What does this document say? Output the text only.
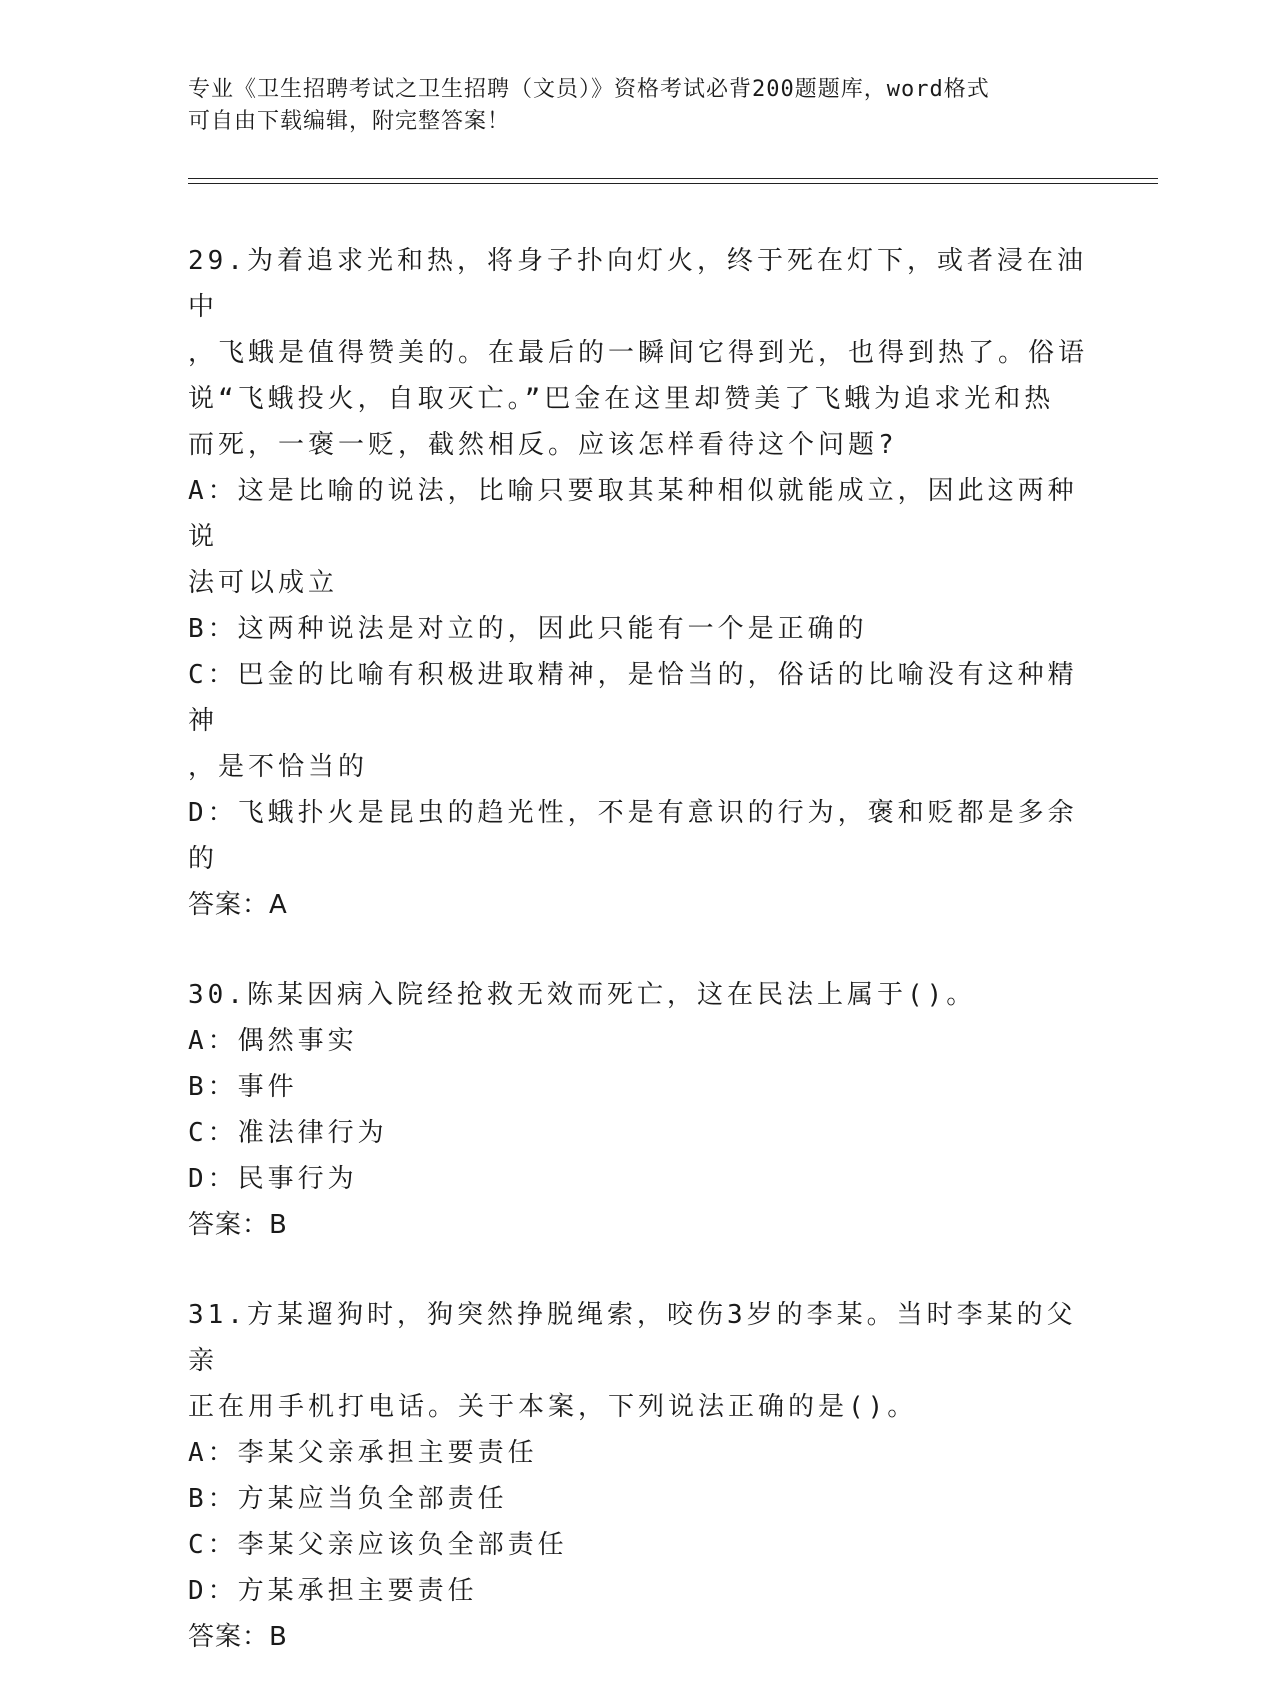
专业《卫生招聘考试之卫生招聘（文员）》资格考试必背200题题库，word格式
可自由下载编辑，附完整答案！

29.为着追求光和热，将身子扑向灯火，终于死在灯下，或者浸在油中

，飞蛾是值得赞美的。在最后的一瞬间它得到光，也得到热了。俗语

说“飞蛾投火，自取灭亡。”巴金在这里却赞美了飞蛾为追求光和热

而死，一褒一贬，截然相反。应该怎样看待这个问题?

A：这是比喻的说法，比喻只要取其某种相似就能成立，因此这两种说

法可以成立

B：这两种说法是对立的，因此只能有一个是正确的

C：巴金的比喻有积极进取精神，是恰当的，俗话的比喻没有这种精神

，是不恰当的

D：飞蛾扑火是昆虫的趋光性，不是有意识的行为，褒和贬都是多余的

答案：A

30.陈某因病入院经抢救无效而死亡，这在民法上属于()。

A：偶然事实

B：事件

C：准法律行为

D：民事行为

答案：B

31.方某遛狗时，狗突然挣脱绳索，咬伤3岁的李某。当时李某的父亲

正在用手机打电话。关于本案，下列说法正确的是()。

A：李某父亲承担主要责任

B：方某应当负全部责任

C：李某父亲应该负全部责任

D：方某承担主要责任

答案：B
